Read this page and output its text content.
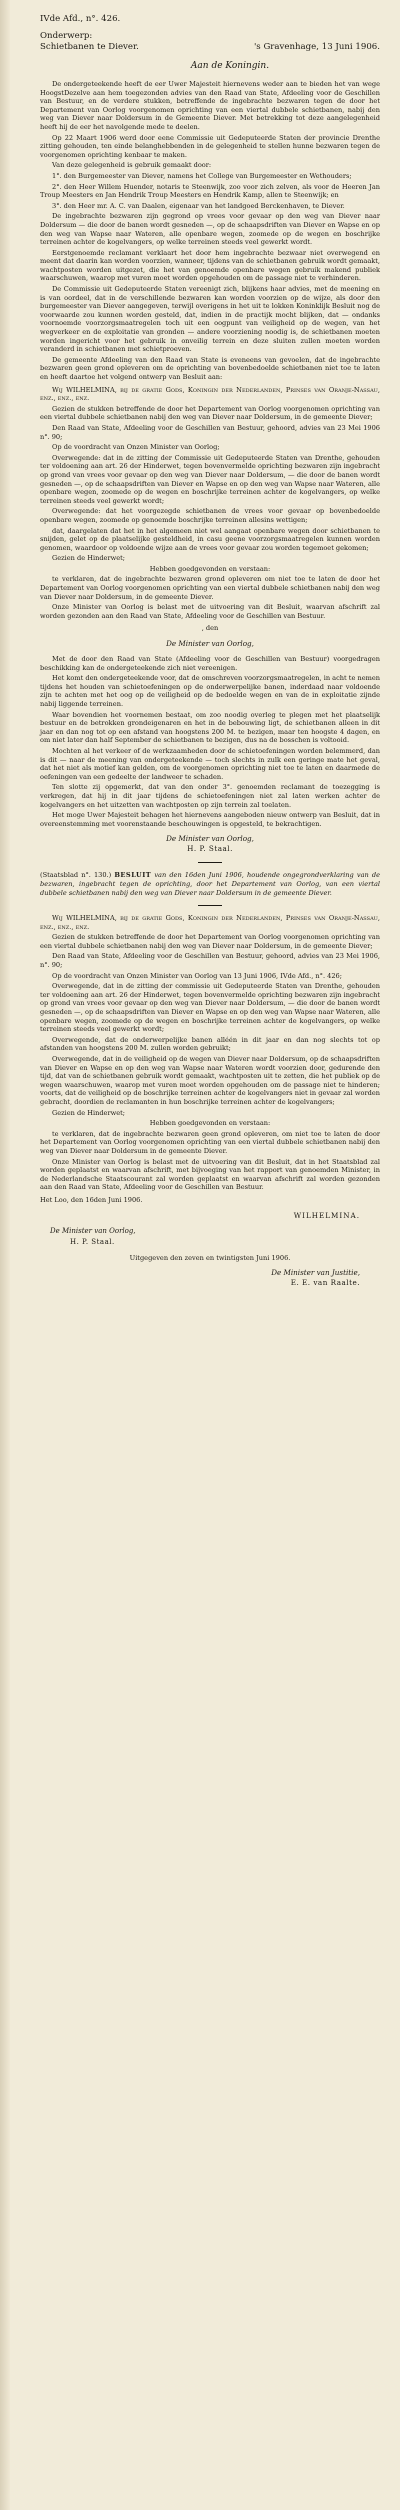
IVde Afd., n°. 426.
Onderwerp:
Schietbanen te Diever.	's Gravenhage, 13 Juni 1906.
Aan de Koningin.

De ondergeteekende heeft de eer Uwer Majesteit hiernevens weder aan te bieden het van wege HoogstDezelve aan hem toegezonden advies van den Raad van State, Afdeeling voor de Geschillen van Bestuur, en de verdere stukken, betreffende de ingebrachte bezwaren tegen de door het Departement van Oorlog voorgenomen oprichting van een viertal dubbele schietbanen, nabij den weg van Diever naar Doldersum in de Gemeente Diever. Met betrekking tot deze aangelegenheid heeft hij de eer het navolgende mede te deelen.

Op 22 Maart 1906 werd door eene Commissie uit Gedeputeerde Staten der provincie Drenthe zitting gehouden, ten einde belanghebbenden in de gelegenheid te stellen hunne bezwaren tegen de voorgenomen oprichting kenbaar te maken.

Van deze gelegenheid is gebruik gemaakt door:

1°. den Burgemeester van Diever, namens het College van Burgemeester en Wethouders;

2°. den Heer Willem Huender, notaris te Steenwijk, zoo voor zich zelven, als voor de Heeren Jan Troup Meesters en Jan Hendrik Troup Meesters en Hendrik Kamp, allen te Steenwijk; en

3°. den Heer mr. A. C. van Daalen, eigenaar van het landgoed Berckenhaven, te Diever.

De ingebrachte bezwaren zijn gegrond op vrees voor gevaar op den weg van Diever naar Doldersum — die door de banen wordt gesneden —, op de schaapsdriften van Diever en Wapse en op den weg van Wapse naar Wateren, alle openbare wegen, zoomede op de wegen en boschrijke terreinen achter de kogelvangers, op welke terreinen steeds veel gewerkt wordt.

Eerstgenoemde reclamant verklaart het door hem ingebrachte bezwaar niet overwegend en meent dat daarin kan worden voorzien, wanneer, tijdens van de schietbanen gebruik wordt gemaakt, wachtposten worden uitgezet, die het van genoemde openbare wegen gebruik makend publiek waarschuwen, waarop met vuren moet worden opgehouden om de passage niet te verhinderen.

De Commissie uit Gedeputeerde Staten vereenigt zich, blijkens haar advies, met de meening en is van oordeel, dat in de verschillende bezwaren kan worden voorzien op de wijze, als door den burgemeester van Diever aangegeven, terwijl overigens in het uit te lokken Koninklijk Besluit nog de voorwaarde zou kunnen worden gesteld, dat, indien in de practijk mocht blijken, dat — ondanks voornoemde voorzorgsmaatregelen toch uit een oogpunt van veiligheid op de wegen, van het wegverkeer en de exploitatie van gronden — andere voorziening noodig is, de schietbanen moeten worden ingericht voor het gebruik in onveilig terrein en deze sluiten zullen moeten worden veranderd in schietbanen met schietproeven.

De gemeente Afdeeling van den Raad van State is eveneens van gevoelen, dat de ingebrachte bezwaren geen grond opleveren om de oprichting van bovenbedoelde schietbanen niet toe te laten en heeft daartoe het volgend ontwerp van Besluit aan:

Wij WILHELMINA, bij de gratie Gods, Koningin der Nederlanden, Prinses van Oranje-Nassau, enz., enz., enz.

Gezien de stukken betreffende de door het Departement van Oorlog voorgenomen oprichting van een viertal dubbele schietbanen nabij den weg van Diever naar Doldersum, in de gemeente Diever;

Den Raad van State, Afdeeling voor de Geschillen van Bestuur, gehoord, advies van 23 Mei 1906 n°. 90;

Op de voordracht van Onzen Minister van Oorlog;

Overwegende: dat in de zitting der Commissie uit Gedeputeerde Staten van Drenthe, gehouden ter voldoening aan art. 26 der Hinderwet, tegen bovenvermelde oprichting bezwaren zijn ingebracht op grond van vrees voor gevaar op den weg van Diever naar Doldersum, — die door de banen wordt gesneden —, op de schaapsdriften van Diever en Wapse en op den weg van Wapse naar Wateren, alle openbare wegen, zoomede op de wegen en boschrijke terreinen achter de kogelvangers, op welke terreinen steeds veel gewerkt wordt;

Overwegende: dat het voorgezegde schietbanen de vrees voor gevaar op bovenbedoelde openbare wegen, zoomede op genoemde boschrijke terreinen allesins wettigen;

dat, daargelaten dat het in het algemeen niet wel aangaat openbare wegen door schietbanen te snijden, gelet op de plaatselijke gesteldheid, in casu geene voorzorgsmaatregelen kunnen worden genomen, waardoor op voldoende wijze aan de vrees voor gevaar zou worden tegemoet gekomen;

Gezien de Hinderwet;

Hebben goedgevonden en verstaan:

te verklaren, dat de ingebrachte bezwaren grond opleveren om niet toe te laten de door het Departement van Oorlog voorgenomen oprichting van een viertal dubbele schietbanen nabij den weg van Diever naar Doldersum, in de gemeente Diever.

Onze Minister van Oorlog is belast met de uitvoering van dit Besluit, waarvan afschrift zal worden gezonden aan den Raad van State, Afdeeling voor de Geschillen van Bestuur.

, den

De Minister van Oorlog,

Met de door den Raad van State (Afdeeling voor de Geschillen van Bestuur) voorgedragen beschikking kan de ondergeteekende zich niet vereenigen.

Het komt den ondergeteekende voor, dat de omschreven voorzorgsmaatregelen, in acht te nemen tijdens het houden van schietoefeningen op de onderwerpelijke banen, inderdaad naar voldoende zijn te achten met het oog op de veiligheid op de bedoelde wegen en van de in exploitatie zijnde nabij liggende terreinen.

Waar bovendien het voornemen bestaat, om zoo noodig overleg te plegen met het plaatselijk bestuur en de betrokken grondeigenaren en het in de bebouwing ligt, de schietbanen alleen in dit jaar en dan nog tot op een afstand van hoogstens 200 M. te bezigen, maar ten hoogste 4 dagen, en om niet later dan half September de schietbanen te bezigen, dus na de bosschen is voltooid.

Mochten al het verkeer of de werkzaamheden door de schietoefeningen worden belemmerd, dan is dit — naar de meening van ondergeteekende — toch slechts in zulk een geringe mate het geval, dat het niet als motief kan gelden, om de voorgenomen oprichting niet toe te laten en daarmede de oefeningen van een gedeelte der landweer te schaden.

Ten slotte zij opgemerkt, dat van den onder 3°. genoemden reclamant de toezegging is verkregen, dat hij in dit jaar tijdens de schietoefeningen niet zal laten werken achter de kogelvangers en het uitzetten van wachtposten op zijn terrein zal toelaten.

Het moge Uwer Majesteit behagen het hiernevens aangeboden nieuw ontwerp van Besluit, dat in overeenstemming met voorenstaande beschouwingen is opgesteld, te bekrachtigen.

De Minister van Oorlog,
H. P. Staal.
(Staatsblad n°. 130.) BESLUIT van den 16den Juni 1906, houdende ongegrondverklaring van de bezwaren, ingebracht tegen de oprichting, door het Departement van Oorlog, van een viertal dubbele schietbanen nabij den weg van Diever naar Doldersum in de gemeente Diever.

Wij WILHELMINA, bij de gratie Gods, Koningin der Nederlanden, Prinses van Oranje-Nassau, enz., enz., enz.

Gezien de stukken betreffende de door het Departement van Oorlog voorgenomen oprichting van een viertal dubbele schietbanen nabij den weg van Diever naar Doldersum, in de gemeente Diever;

Den Raad van State, Afdeeling voor de Geschillen van Bestuur, gehoord, advies van 23 Mei 1906, n°. 90;

Op de voordracht van Onzen Minister van Oorlog van 13 Juni 1906, IVde Afd., n°. 426;

Overwegende, dat in de zitting der commissie uit Gedeputeerde Staten van Drenthe, gehouden ter voldoening aan art. 26 der Hinderwet, tegen bovenvermelde oprichting bezwaren zijn ingebracht op grond van vrees voor gevaar op den weg van Diever naar Doldersum, — die door de banen wordt gesneden —, op de schaapsdriften van Diever en Wapse en op den weg van Wapse naar Wateren, alle openbare wegen, zoomede op de wegen en boschrijke terreinen achter de kogelvangers, op welke terreinen steeds veel gewerkt wordt;

Overwegende, dat de onderwerpelijke banen alléén in dit jaar en dan nog slechts tot op afstanden van hoogstens 200 M. zullen worden gebruikt;

Overwegende, dat in de veiligheid op de wegen van Diever naar Doldersum, op de schaapsdriften van Diever en Wapse en op den weg van Wapse naar Wateren wordt voorzien door, gedurende den tijd, dat van de schietbanen gebruik wordt gemaakt, wachtposten uit te zetten, die het publiek op de wegen waarschuwen, waarop met vuren moet worden opgehouden om de passage niet te hinderen; voorts, dat de veiligheid op de boschrijke terreinen achter de kogelvangers niet in gevaar zal worden gebracht, doordien de reclamanten in hun boschrijke terreinen achter de kogelvangers;

Gezien de Hinderwet;

Hebben goedgevonden en verstaan:

te verklaren, dat de ingebrachte bezwaren geen grond opleveren, om niet toe te laten de door het Departement van Oorlog voorgenomen oprichting van een viertal dubbele schietbanen nabij den weg van Diever naar Doldersum in de gemeente Diever.

Onze Minister van Oorlog is belast met de uitvoering van dit Besluit, dat in het Staatsblad zal worden geplaatst en waarvan afschrift, met bijvoeging van het rapport van genoemden Minister, in de Nederlandsche Staatscourant zal worden geplaatst en waarvan afschrift zal worden gezonden aan den Raad van State, Afdeeling voor de Geschillen van Bestuur.

Het Loo, den 16den Juni 1906.

WILHELMINA.
De Minister van Oorlog,
H. P. Staal.

Uitgegeven den zeven en twintigsten Juni 1906.

De Minister van Justitie,
E. E. van Raalte.
